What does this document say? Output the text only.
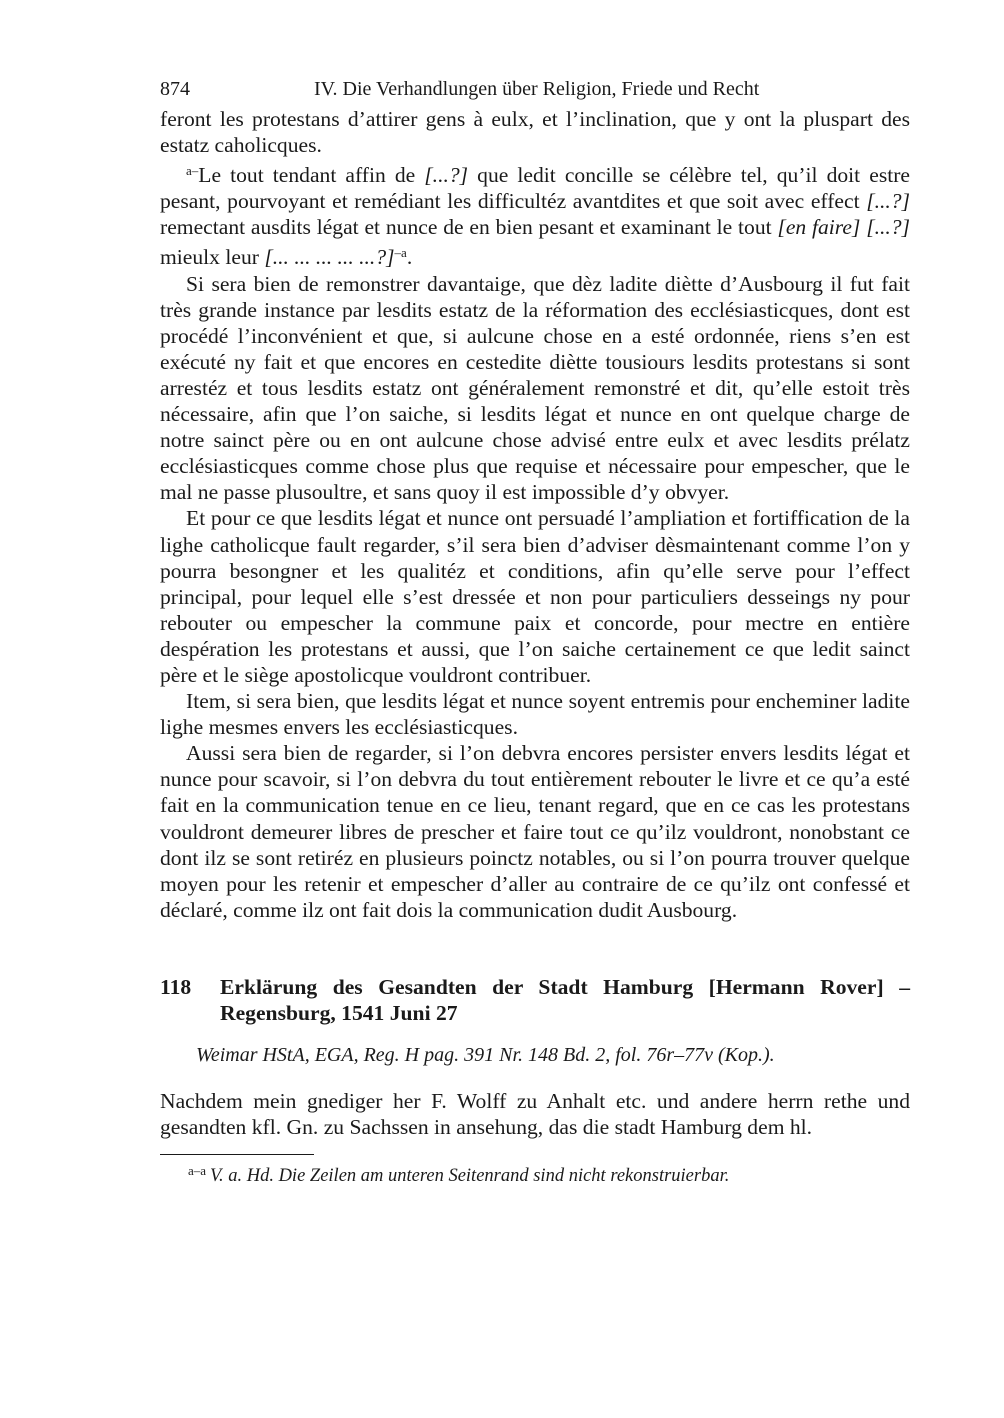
874	IV. Die Verhandlungen über Religion, Friede und Recht

feront les protestans d’attirer gens à eulx, et l’inclination, que y ont la pluspart des estatz caholicques.

$^{a-}$Le tout tendant affin de [...?] que ledit concille se célèbre tel, qu’il doit estre pesant, pourvoyant et remédiant les difficultéz avantdites et que soit avec effect [...?] remectant ausdits légat et nunce de en bien pesant et examinant le tout [en faire] [...?] mieulx leur [... ... ... ... ...?]$^{-a}$.

Si sera bien de remonstrer davantaige, que dèz ladite diètte d’Ausbourg il fut fait très grande instance par lesdits estatz de la réformation des ecclésiasticques, dont est procédé l’inconvénient et que, si aulcune chose en a esté ordonnée, riens s’en est exécuté ny fait et que encores en cestedite diètte tousiours lesdits protestans si sont arrestéz et tous lesdits estatz ont généralement remonstré et dit, qu’elle estoit très nécessaire, afin que l’on saiche, si lesdits légat et nunce en ont quelque charge de notre sainct père ou en ont aulcune chose advisé entre eulx et avec lesdits prélatz ecclésiasticques comme chose plus que requise et nécessaire pour empescher, que le mal ne passe plusoultre, et sans quoy il est impossible d’y obvyer.

Et pour ce que lesdits légat et nunce ont persuadé l’ampliation et fortiffication de la lighe catholicque fault regarder, s’il sera bien d’adviser dèsmaintenant comme l’on y pourra besongner et les qualitéz et conditions, afin qu’elle serve pour l’effect principal, pour lequel elle s’est dressée et non pour particuliers desseings ny pour rebouter ou empescher la commune paix et concorde, pour mectre en entière despération les protestans et aussi, que l’on saiche certainement ce que ledit sainct père et le siège apostolicque vouldront contribuer.

Item, si sera bien, que lesdits légat et nunce soyent entremis pour encheminer ladite lighe mesmes envers les ecclésiasticques.

Aussi sera bien de regarder, si l’on debvra encores persister envers lesdits légat et nunce pour scavoir, si l’on debvra du tout entièrement rebouter le livre et ce qu’a esté fait en la communication tenue en ce lieu, tenant regard, que en ce cas les protestans vouldront demeurer libres de prescher et faire tout ce qu’ilz vouldront, nonobstant ce dont ilz se sont retiréz en plusieurs poinctz notables, ou si l’on pourra trouver quelque moyen pour les retenir et empescher d’aller au contraire de ce qu’ilz ont confessé et déclaré, comme ilz ont fait dois la communication dudit Ausbourg.

118	Erklärung des Gesandten der Stadt Hamburg [Hermann Rover] – Regensburg, 1541 Juni 27
Weimar HStA, EGA, Reg. H pag. 391 Nr. 148 Bd. 2, fol. 76r–77v (Kop.).

Nachdem mein gnediger her F. Wolff zu Anhalt etc. und andere herrn rethe und gesandten kfl. Gn. zu Sachssen in ansehung, das die stadt Hamburg dem hl.

$^{a-a}$ V. a. Hd. Die Zeilen am unteren Seitenrand sind nicht rekonstruierbar.
